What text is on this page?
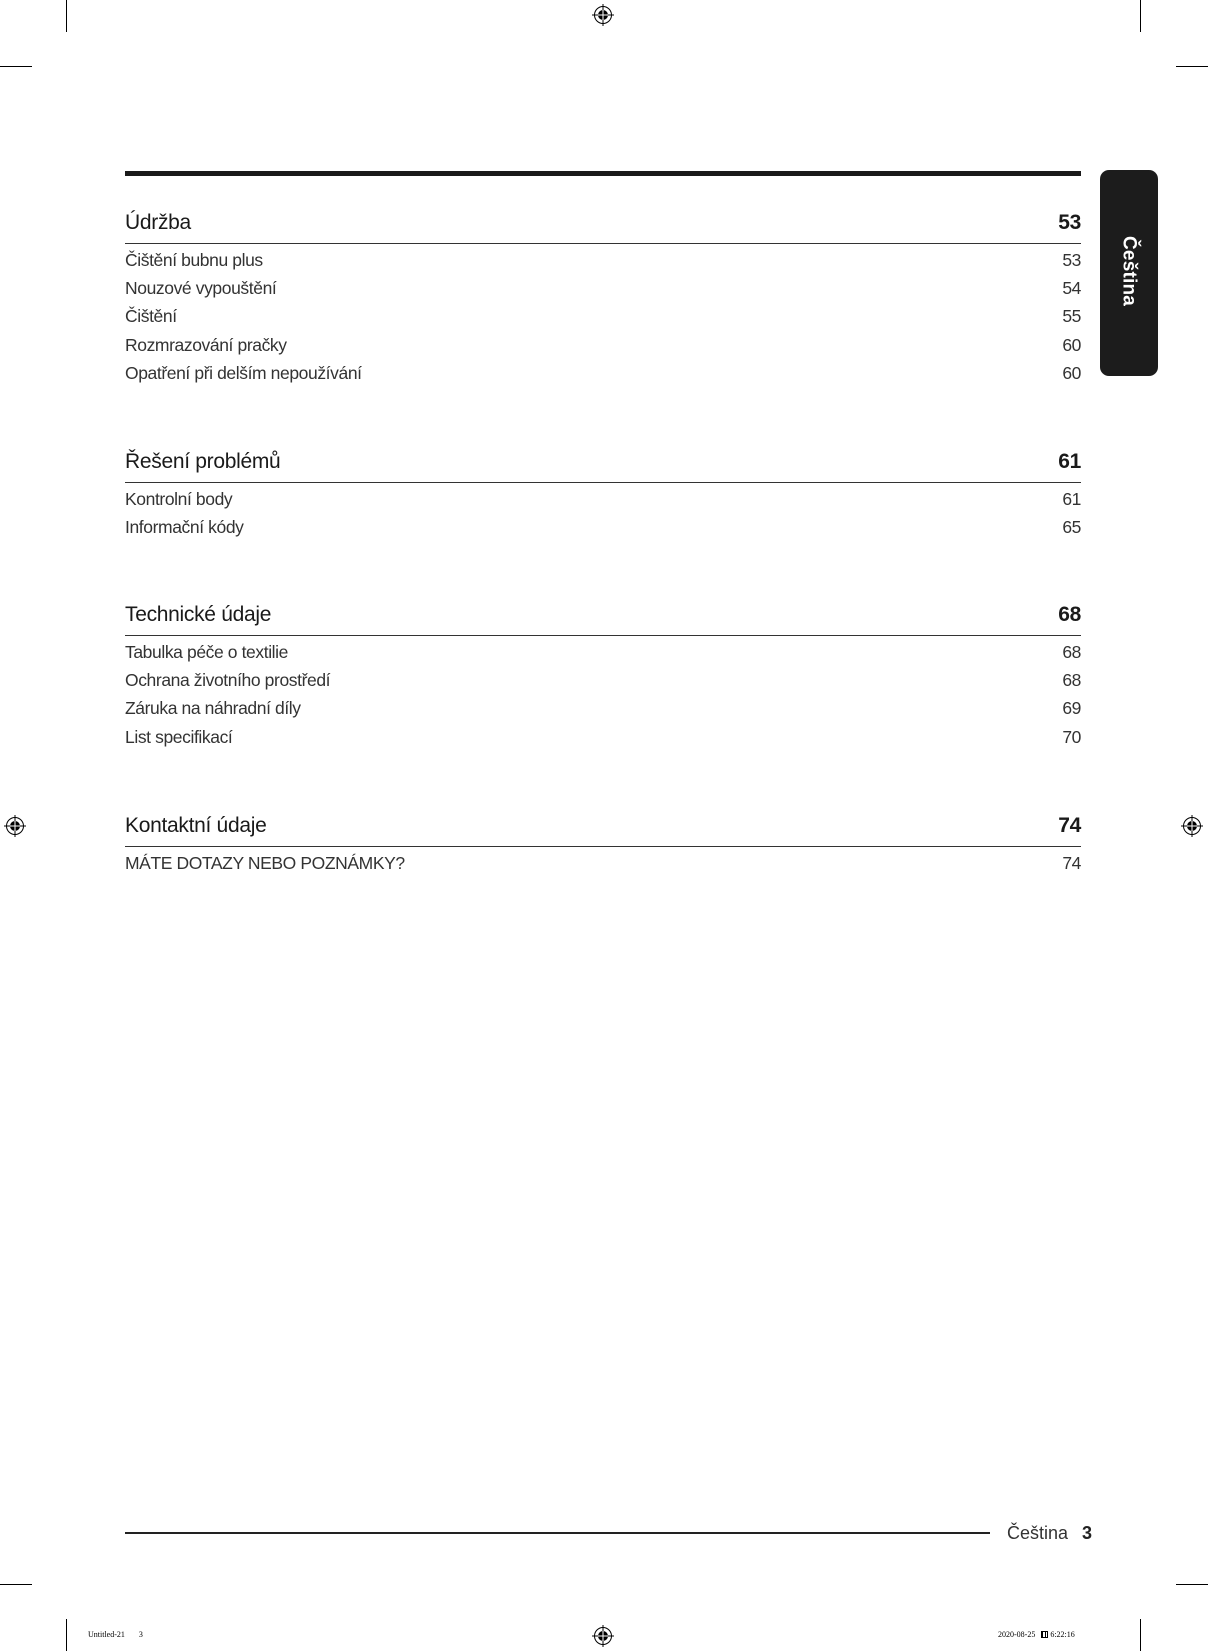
Čeština
Údržba	53
Čištění bubnu plus	53
Nouzové vypouštění	54
Čištění	55
Rozmrazování pračky	60
Opatření při delším nepoužívání	60
Řešení problémů	61
Kontrolní body	61
Informační kódy	65
Technické údaje	68
Tabulka péče o textilie	68
Ochrana životního prostředí	68
Záruka na náhradní díly	69
List specifikací	70
Kontaktní údaje	74
MÁTE DOTAZY NEBO POZNÁMKY?	74
Čeština 3
Untitled-21 3	2020-08-25 6:22:16
